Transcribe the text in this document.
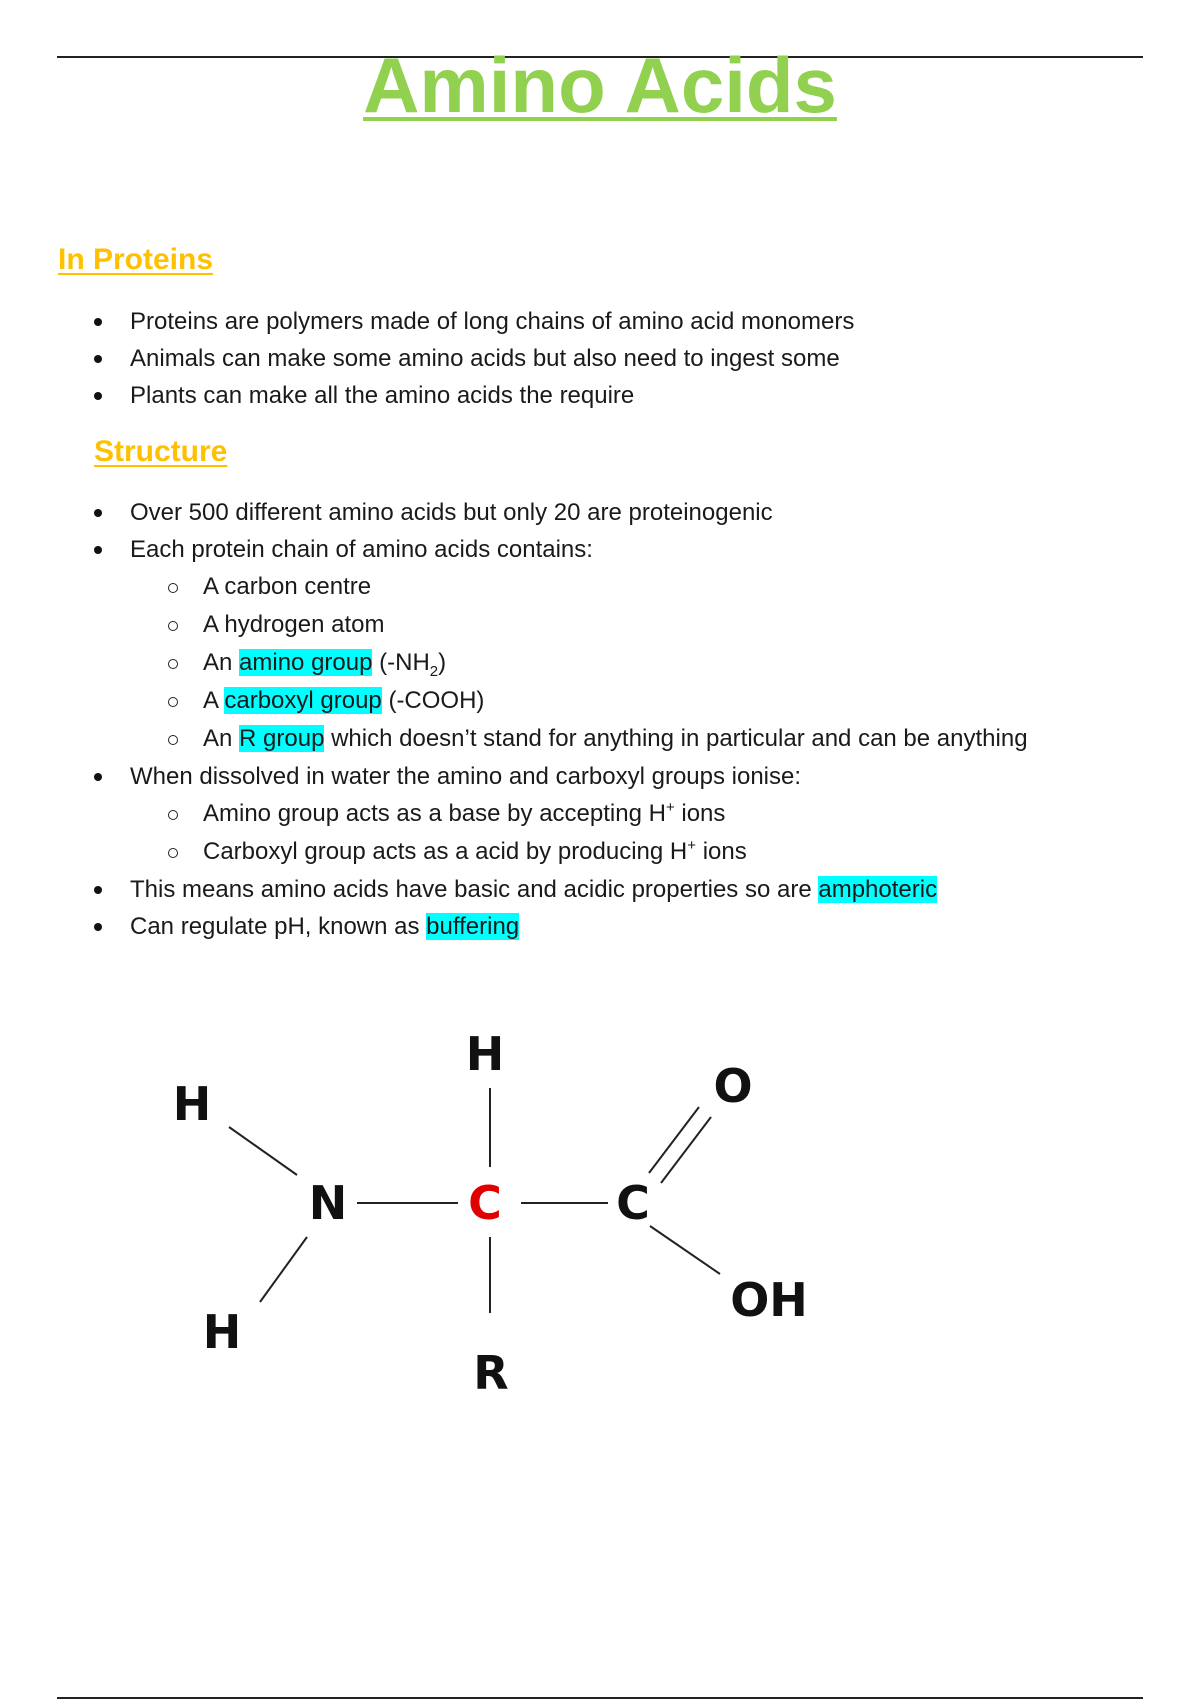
Amino Acids
In Proteins
Proteins are polymers made of long chains of amino acid monomers
Animals can make some amino acids but also need to ingest some
Plants can make all the amino acids the require
Structure
Over 500 different amino acids but only 20 are proteinogenic
Each protein chain of amino acids contains:
A carbon centre
A hydrogen atom
An amino group $(-NH_2)$
A carboxyl group (-COOH)
An R group which doesn’t stand for anything in particular and can be anything
When dissolved in water the amino and carboxyl groups ionise:
Amino group acts as a base by accepting H+ ions
Carboxyl group acts as a acid by producing H+ ions
This means amino acids have basic and acidic properties so are amphoteric
Can regulate pH, known as buffering
H
H
H
N	C C
O
OH
R
